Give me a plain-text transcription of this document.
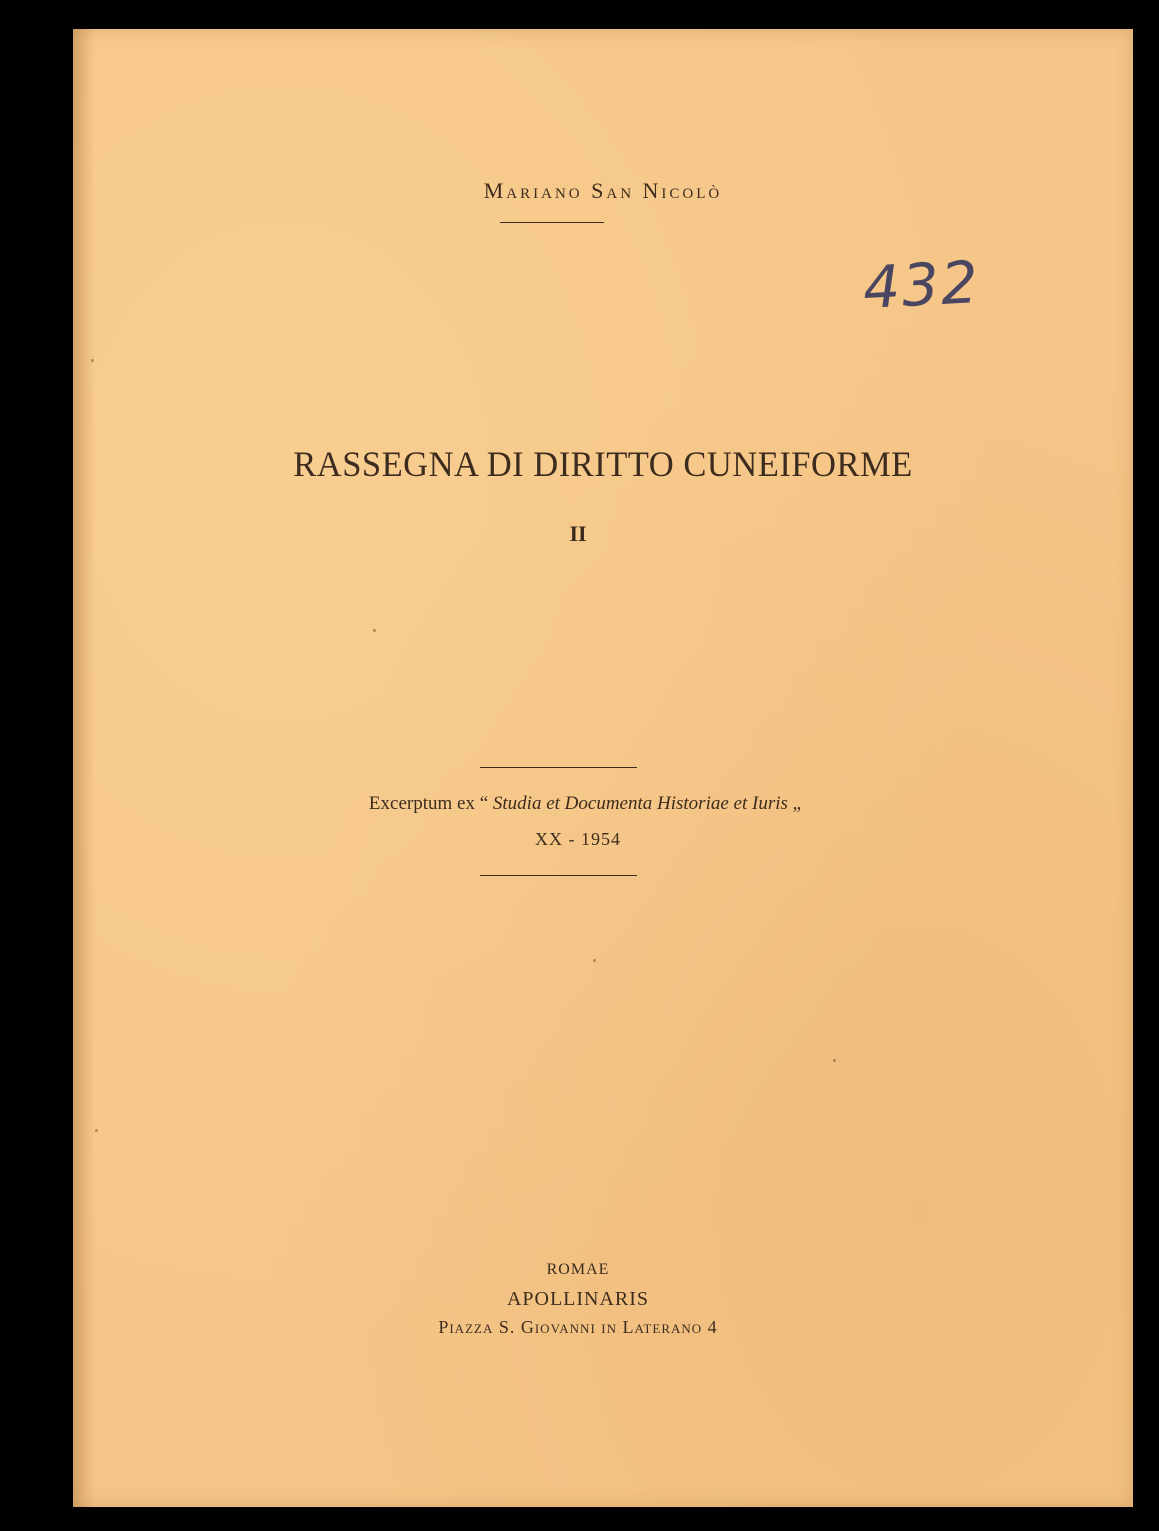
Mariano San Nicolò
432
RASSEGNA DI DIRITTO CUNEIFORME
II
Excerptum ex “ Studia et Documenta Historiae et Iuris „
XX - 1954
ROMAE
APOLLINARIS
Piazza S. Giovanni in Laterano 4
